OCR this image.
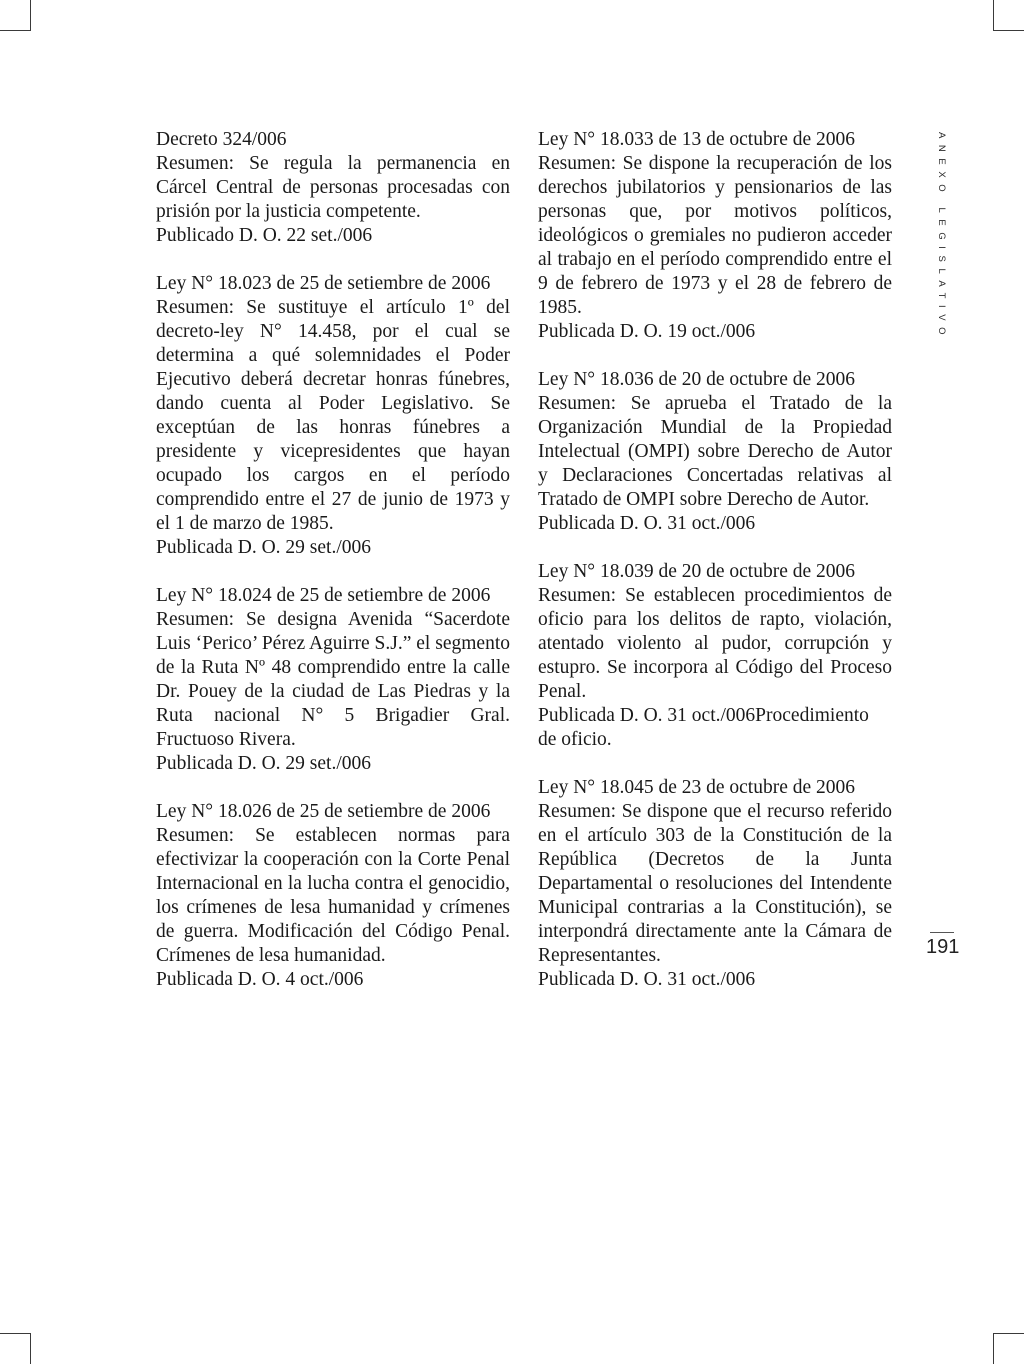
Decreto 324/006
Resumen: Se regula la permanencia en Cárcel Central de personas procesadas con prisión por la justicia competente.
Publicado D. O. 22 set./006
Ley N° 18.023 de 25 de setiembre de 2006
Resumen: Se sustituye el artículo 1º del decreto-ley N° 14.458, por el cual se determina a qué solemnidades el Poder Ejecutivo deberá decretar honras fúnebres, dando cuenta al Poder Legislativo. Se exceptúan de las honras fúnebres a presidente y vicepresidentes que hayan ocupado los cargos en el período comprendido entre el 27 de junio de 1973 y el 1 de marzo de 1985.
Publicada D. O. 29 set./006
Ley N° 18.024 de 25 de setiembre de 2006
Resumen: Se designa Avenida “Sacerdote Luis ‘Perico’ Pérez Aguirre S.J.” el segmento de la Ruta Nº 48 comprendido entre la calle Dr. Pouey de la ciudad de Las Piedras y la Ruta nacional N° 5 Brigadier Gral. Fructuoso Rivera.
Publicada D. O. 29 set./006
Ley N° 18.026 de 25 de setiembre de 2006
Resumen: Se establecen normas para efectivizar la cooperación con la Corte Penal Internacional en la lucha contra el genocidio, los crímenes de lesa humanidad y crímenes de guerra. Modificación del Código Penal. Crímenes de lesa humanidad.
Publicada D. O. 4 oct./006
Ley N° 18.033 de 13 de octubre de 2006
Resumen: Se dispone la recuperación de los derechos jubilatorios y pensionarios de las personas que, por motivos políticos, ideológicos o gremiales no pudieron acceder al trabajo en el período comprendido entre el 9 de febrero de 1973 y el 28 de febrero de 1985.
Publicada D. O. 19 oct./006
Ley N° 18.036 de 20 de octubre de 2006
Resumen: Se aprueba el Tratado de la Organización Mundial de la Propiedad Intelectual (OMPI) sobre Derecho de Autor y Declaraciones Concertadas relativas al Tratado de OMPI sobre Derecho de Autor.
Publicada D. O. 31 oct./006
Ley N° 18.039 de 20 de octubre de 2006
Resumen: Se establecen procedimientos de oficio para los delitos de rapto, violación, atentado violento al pudor, corrupción y estupro. Se incorpora al Código del Proceso Penal.
Publicada D. O. 31 oct./006Procedimiento de oficio.
Ley N° 18.045 de 23 de octubre de 2006
Resumen: Se dispone que el recurso referido en el artículo 303 de la Constitución de la República (Decretos de la Junta Departamental o resoluciones del Intendente Municipal contrarias a la Constitución), se interpondrá directamente ante la Cámara de Representantes.
Publicada D. O. 31 oct./006
ANEXO LEGISLATIVO
191
